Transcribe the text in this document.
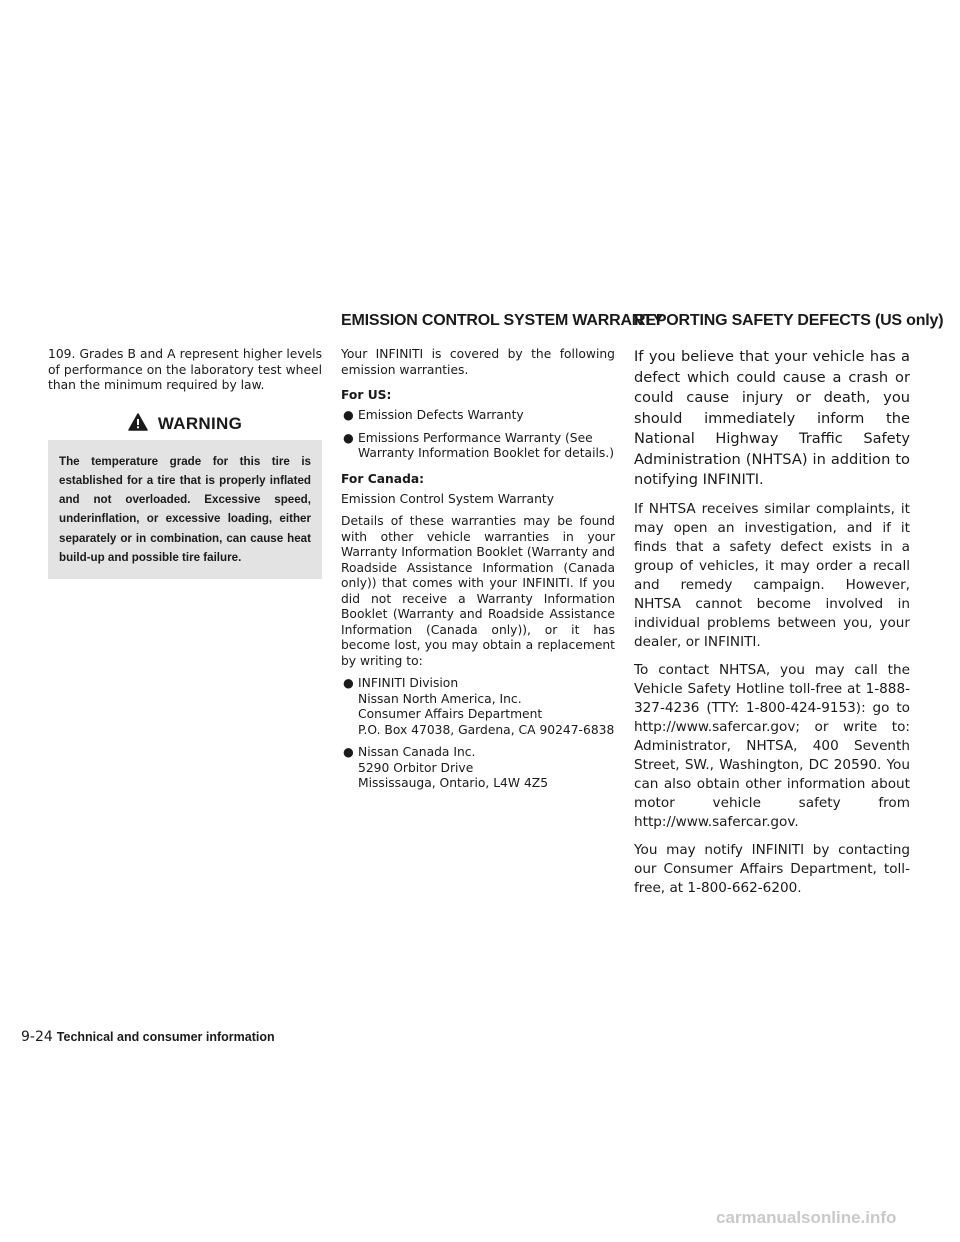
EMISSION CONTROL SYSTEM WARRANTY
REPORTING SAFETY DEFECTS (US only)

109. Grades B and A represent higher levels of performance on the laboratory test wheel than the minimum required by law.

WARNING
The temperature grade for this tire is established for a tire that is properly inflated and not overloaded. Excessive speed, underinflation, or excessive loading, either separately or in combination, can cause heat build-up and possible tire failure.

Your INFINITI is covered by the following emission warranties.

For US:
● Emission Defects Warranty
● Emissions Performance Warranty (See Warranty Information Booklet for details.)
For Canada:

Emission Control System Warranty

Details of these warranties may be found with other vehicle warranties in your Warranty Information Booklet (Warranty and Roadside Assistance Information (Canada only)) that comes with your INFINITI. If you did not receive a Warranty Information Booklet (Warranty and Roadside Assistance Information (Canada only)), or it has become lost, you may obtain a replacement by writing to:

● INFINITI Division
Nissan North America, Inc.
Consumer Affairs Department
P.O. Box 47038, Gardena, CA 90247-6838
● Nissan Canada Inc.
5290 Orbitor Drive
Mississauga, Ontario, L4W 4Z5

If you believe that your vehicle has a defect which could cause a crash or could cause injury or death, you should immediately inform the National Highway Traffic Safety Administration (NHTSA) in addition to notifying INFINITI.

If NHTSA receives similar complaints, it may open an investigation, and if it finds that a safety defect exists in a group of vehicles, it may order a recall and remedy campaign. However, NHTSA cannot become involved in individual problems between you, your dealer, or INFINITI.

To contact NHTSA, you may call the Vehicle Safety Hotline toll-free at 1-888-327-4236 (TTY: 1-800-424-9153): go to http://www.safercar.gov; or write to: Administrator, NHTSA, 400 Seventh Street, SW., Washington, DC 20590. You can also obtain other information about motor vehicle safety from http://www.safercar.gov.

You may notify INFINITI by contacting our Consumer Affairs Department, toll-free, at 1-800-662-6200.

9-24 Technical and consumer information
carmanualsonline.info
